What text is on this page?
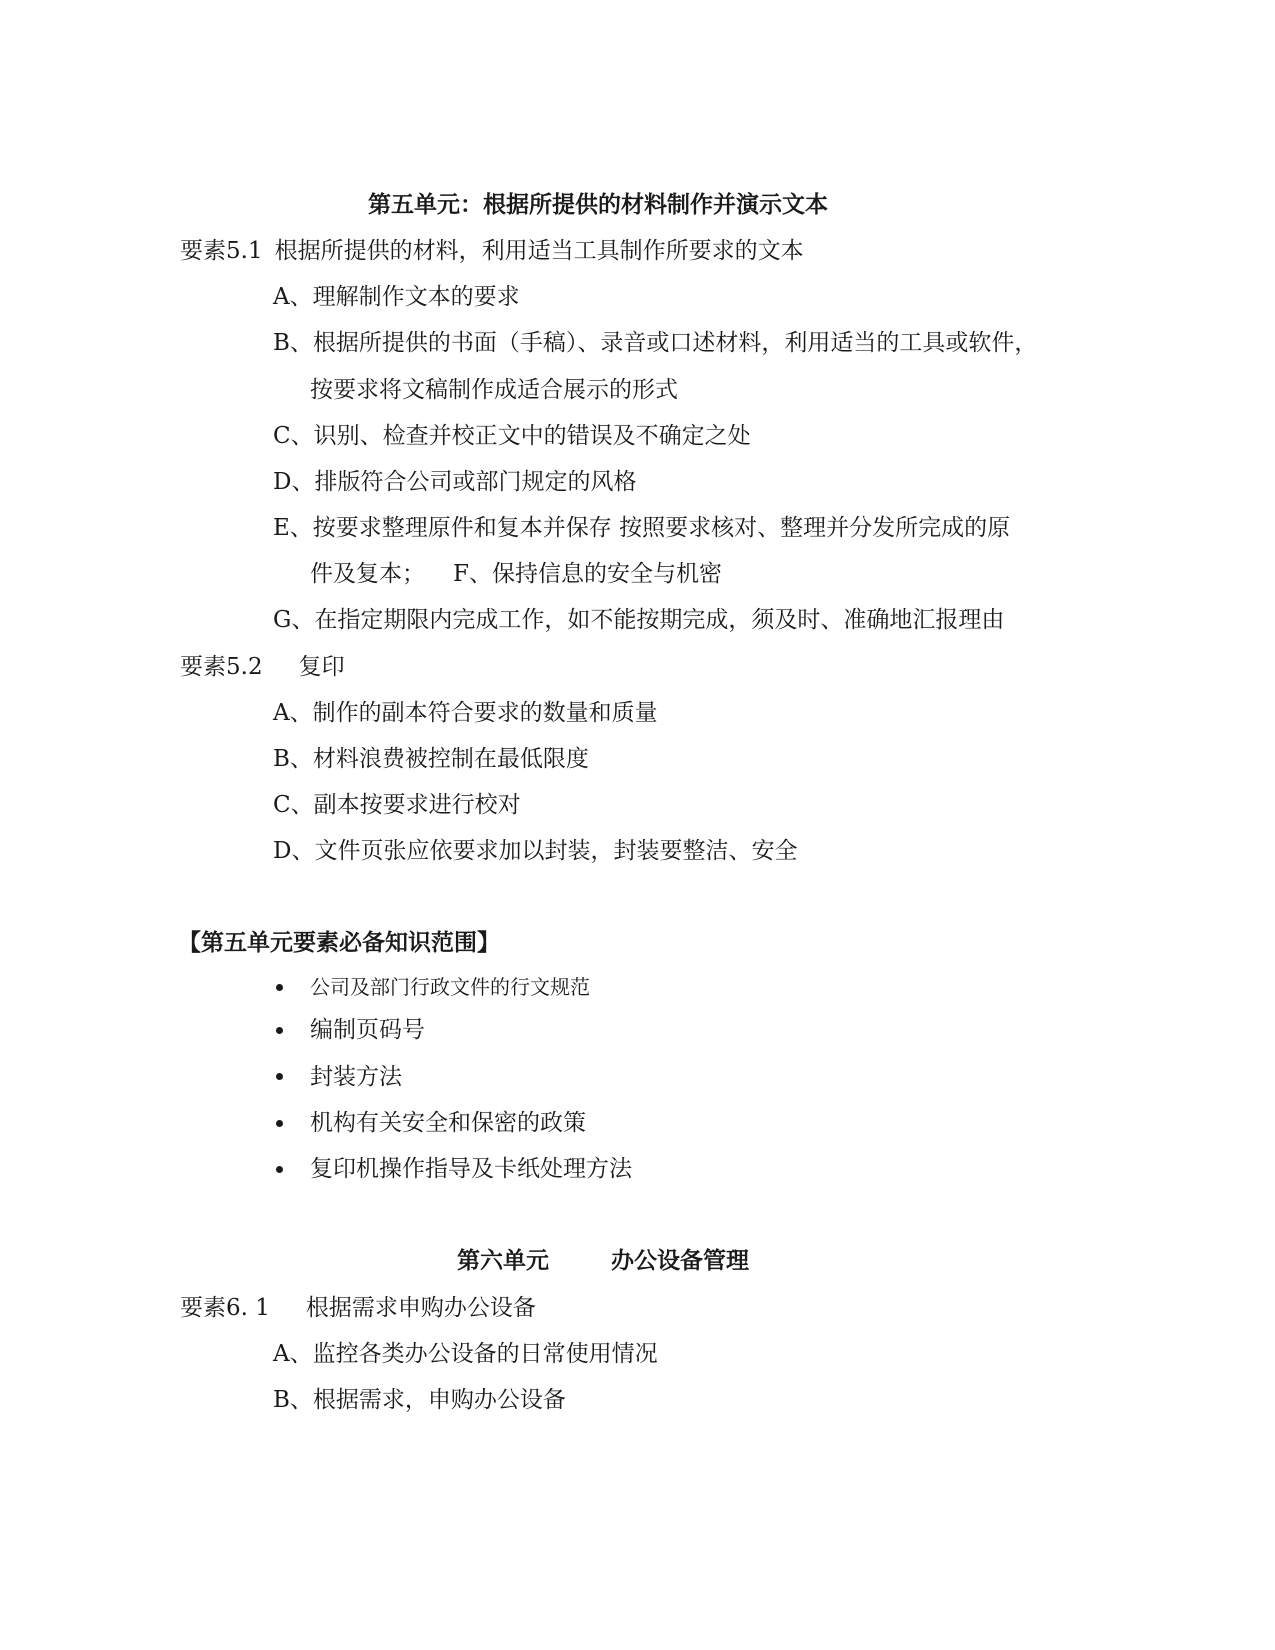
第五单元：根据所提供的材料制作并演示文本
要素5.1 根据所提供的材料，利用适当工具制作所要求的文本
A、理解制作文本的要求
B、根据所提供的书面（手稿）、录音或口述材料，利用适当的工具或软件，
按要求将文稿制作成适合展示的形式
C、识别、检查并校正文中的错误及不确定之处
D、排版符合公司或部门规定的风格
E、按要求整理原件和复本并保存 按照要求核对、整理并分发所完成的原
件及复本； F、保持信息的安全与机密
G、在指定期限内完成工作，如不能按期完成，须及时、准确地汇报理由
要素5.2 复印
A、制作的副本符合要求的数量和质量
B、材料浪费被控制在最低限度
C、副本按要求进行校对
D、文件页张应依要求加以封装，封装要整洁、安全
【第五单元要素必备知识范围】
公司及部门行政文件的行文规范
编制页码号
封装方法
机构有关安全和保密的政策
复印机操作指导及卡纸处理方法
第六单元	办公设备管理
要素6. 1 根据需求申购办公设备
A、监控各类办公设备的日常使用情况
B、根据需求，申购办公设备
